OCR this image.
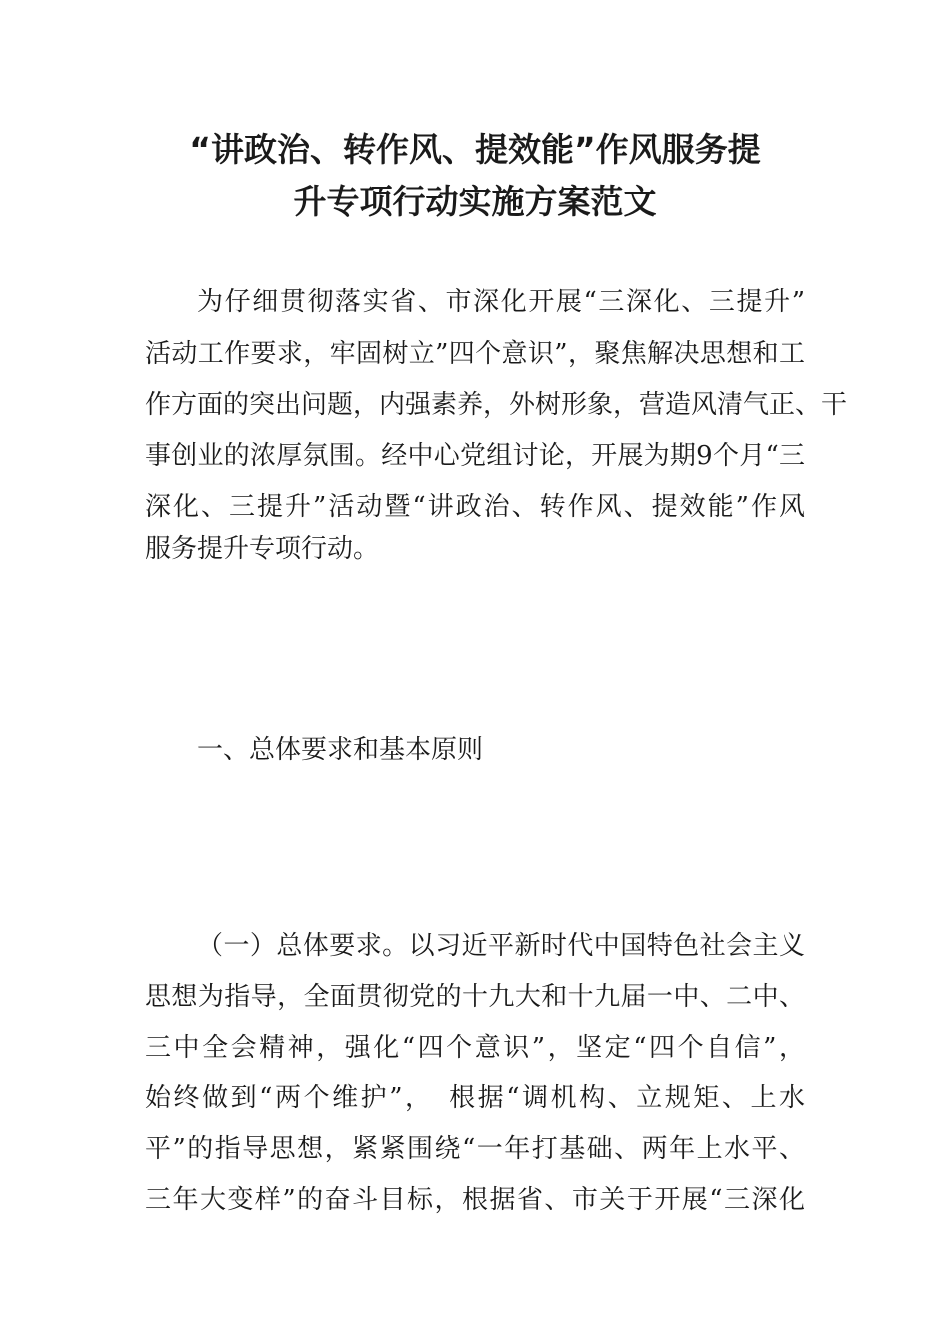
“讲政治、转作风、提效能”作风服务提
升专项行动实施方案范文

为仔细贯彻落实省、市深化开展“三深化、三提升”

活动工作要求，牢固树立”四个意识”，聚焦解决思想和工

作方面的突出问题，内强素养，外树形象，营造风清气正、干

事创业的浓厚氛围。经中心党组讨论，开展为期9个月“三

深化、三提升”活动暨“讲政治、转作风、提效能”作风

服务提升专项行动。

一、总体要求和基本原则

（一）总体要求。以习近平新时代中国特色社会主义

思想为指导，全面贯彻党的十九大和十九届一中、二中、

三中全会精神，强化“四个意识”，坚定“四个自信”，

始终做到“两个维护”，　根据“调机构、立规矩、上水

平”的指导思想，紧紧围绕“一年打基础、两年上水平、

三年大变样”的奋斗目标，根据省、市关于开展“三深化
